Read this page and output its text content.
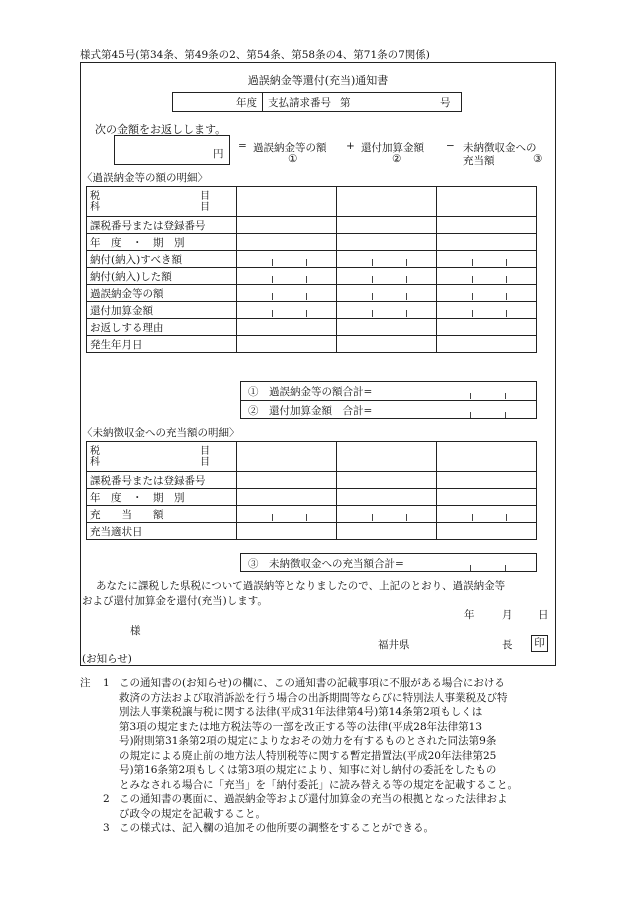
様式第45号(第34条、第49条の2、第54条、第58条の4、第71条の7関係)
過誤納金等還付(充当)通知書
年度 支払請求番号 第	号
次の金額をお返しします。
円
= 過誤納金等の額
①
+ 還付加算金額
②
− 未納徴収金への
充当額	③
〈過誤納金等の額の明細〉
税　　　　　　　　　　目
科　　　　　　　　　　目			

課税番号または登録番号			
年　度　・　期　別			
納付(納入)すべき額	

納付(納入)した額	

過誤納金等の額	

還付加算金額	

お返しする理由			
発生年月日			
①　過誤納金等の額合計=
②　還付加算金額　合計=
〈未納徴収金への充当額の明細〉
税　　　　　　　　　　目
科　　　　　　　　　　目			

課税番号または登録番号			
年　度　・　期　別			
充　　当　　額	

充当適状日			
③　未納徴収金への充当額合計=
あなたに課税した県税について過誤納等となりましたので、上記のとおり、過誤納金等
および還付加算金を還付(充当)します。
年	月 日
様
福井県	長	印
(お知らせ)
注 1 この通知書の(お知らせ)の欄に、この通知書の記載事項に不服がある場合における
救済の方法および取消訴訟を行う場合の出訴期間等ならびに特別法人事業税及び特
別法人事業税譲与税に関する法律(平成31年法律第4号)第14条第2項もしくは
第3項の規定または地方税法等の一部を改正する等の法律(平成28年法律第13
号)附則第31条第2項の規定によりなおその効力を有するものとされた同法第9条
の規定による廃止前の地方法人特別税等に関する暫定措置法(平成20年法律第25
号)第16条第2項もしくは第3項の規定により、知事に対し納付の委託をしたもの
とみなされる場合に「充当」を「納付委託」に読み替える等の規定を記載すること。
2 この通知書の裏面に、過誤納金等および還付加算金の充当の根拠となった法律およ
び政令の規定を記載すること。
3 この様式は、記入欄の追加その他所要の調整をすることができる。
